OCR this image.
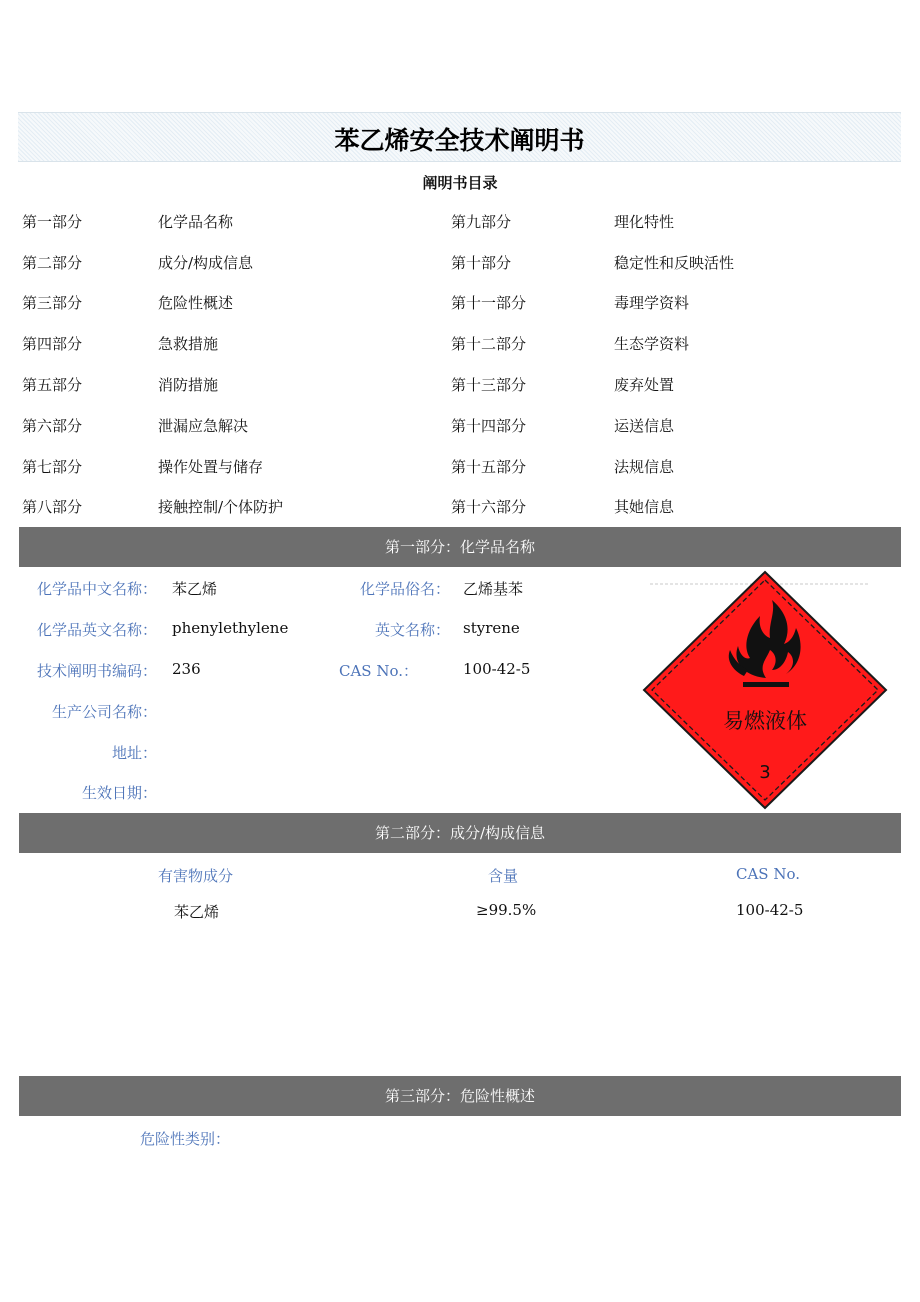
苯乙烯安全技术阐明书
阐明书目录
第一部分	化学品名称	第九部分	理化特性
第二部分	成分/构成信息	第十部分	稳定性和反映活性
第三部分	危险性概述	第十一部分	毒理学资料
第四部分	急救措施	第十二部分	生态学资料
第五部分	消防措施	第十三部分	废弃处置
第六部分	泄漏应急解决	第十四部分	运送信息
第七部分	操作处置与储存	第十五部分	法规信息
第八部分	接触控制/个体防护	第十六部分	其她信息
第一部分：化学品名称
化学品中文名称： 苯乙烯	化学品俗名： 乙烯基苯
化学品英文名称： phenylethylene	英文名称： styrene
技术阐明书编码： 236	CAS No.：	100-42-5
生产公司名称：
地址：
生效日期：
易燃液体
3
第二部分：成分/构成信息
有害物成分	含量	CAS No.
苯乙烯	≥99.5%	100-42-5
第三部分：危险性概述
危险性类别：
